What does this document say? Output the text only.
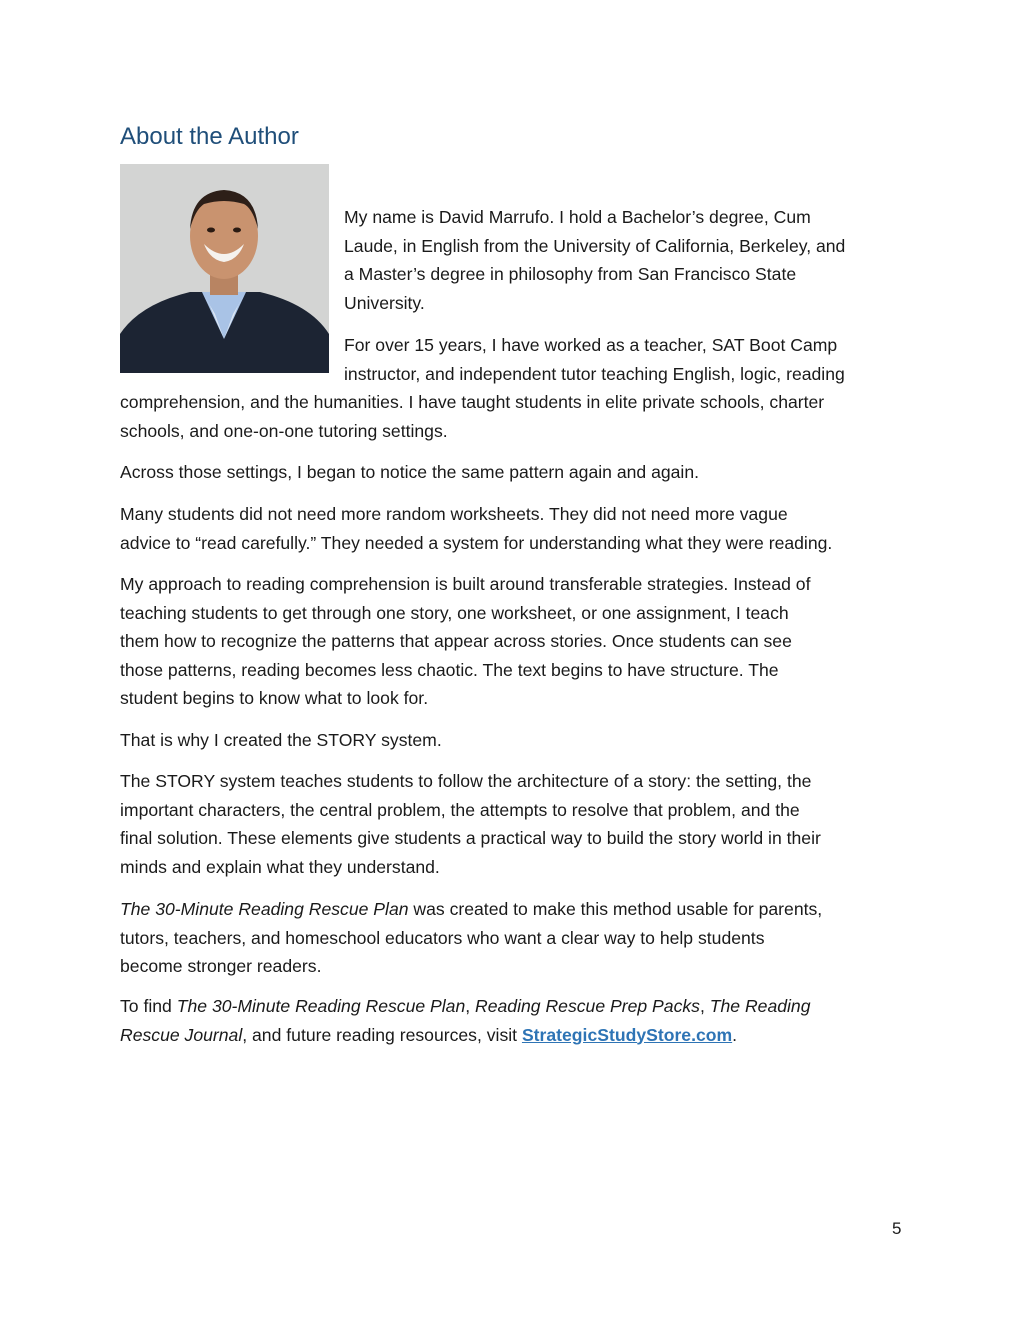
About the Author

My name is David Marrufo. I hold a Bachelor’s degree, Cum
Laude, in English from the University of California, Berkeley, and
a Master’s degree in philosophy from San Francisco State
University.

For over 15 years, I have worked as a teacher, SAT Boot Camp
instructor, and independent tutor teaching English, logic, reading

comprehension, and the humanities. I have taught students in elite private schools, charter
schools, and one-on-one tutoring settings.

Across those settings, I began to notice the same pattern again and again.

Many students did not need more random worksheets. They did not need more vague
advice to “read carefully.” They needed a system for understanding what they were reading.

My approach to reading comprehension is built around transferable strategies. Instead of
teaching students to get through one story, one worksheet, or one assignment, I teach
them how to recognize the patterns that appear across stories. Once students can see
those patterns, reading becomes less chaotic. The text begins to have structure. The
student begins to know what to look for.

That is why I created the STORY system.

The STORY system teaches students to follow the architecture of a story: the setting, the
important characters, the central problem, the attempts to resolve that problem, and the
final solution. These elements give students a practical way to build the story world in their
minds and explain what they understand.

The 30-Minute Reading Rescue Plan was created to make this method usable for parents,
tutors, teachers, and homeschool educators who want a clear way to help students
become stronger readers.

To find The 30-Minute Reading Rescue Plan, Reading Rescue Prep Packs, The Reading
Rescue Journal, and future reading resources, visit StrategicStudyStore.com.

5
